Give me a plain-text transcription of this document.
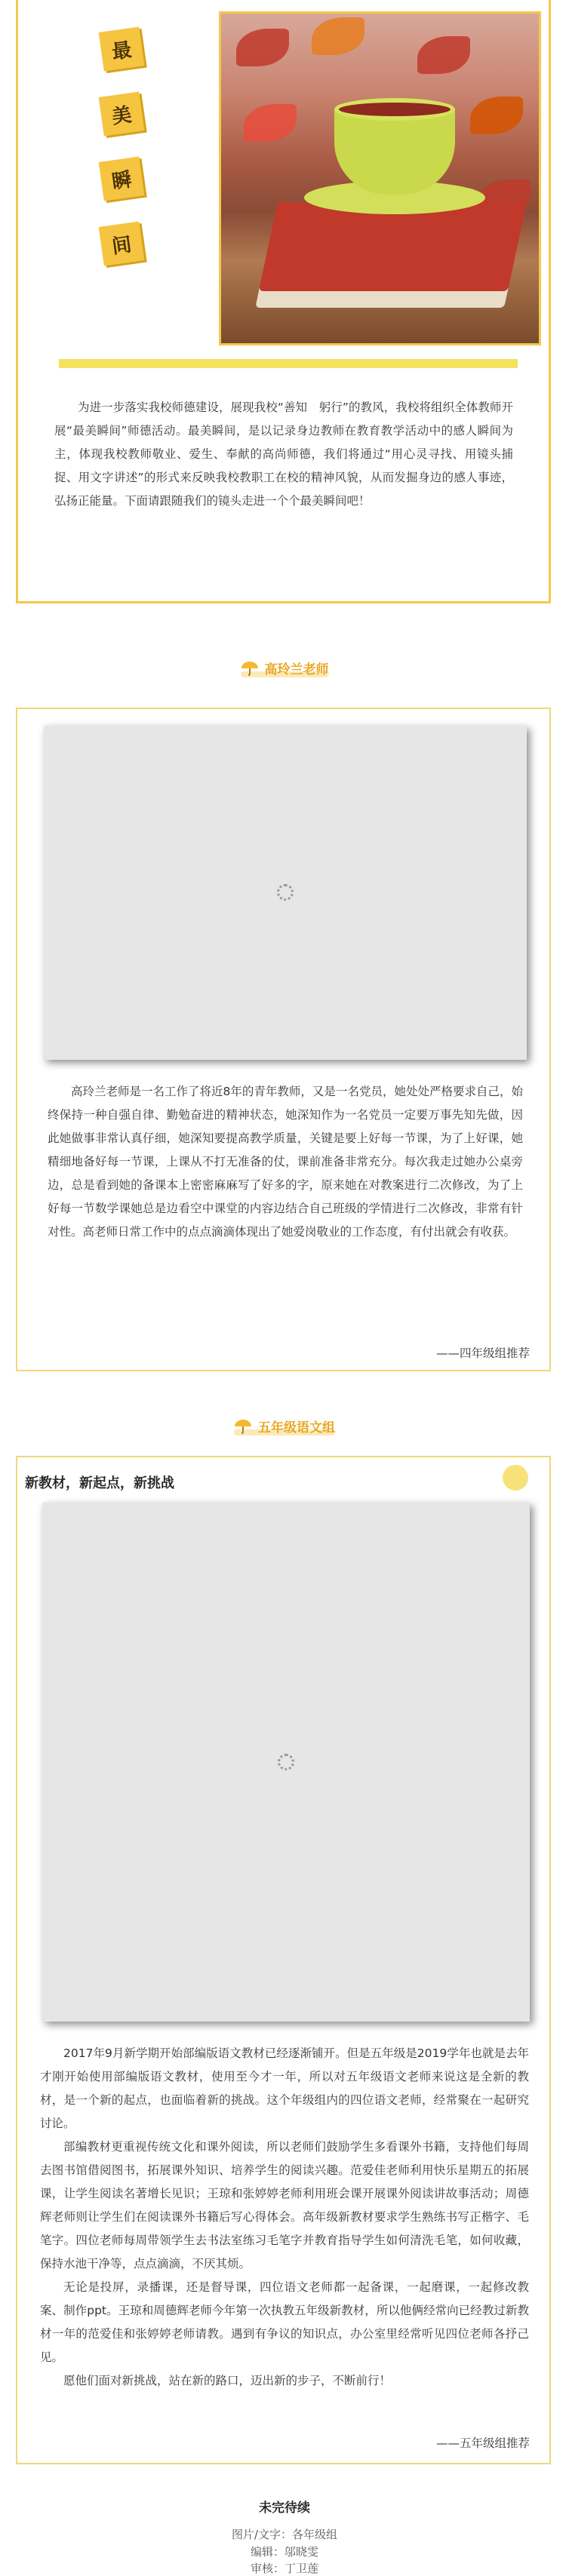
最
美
瞬
间
为进一步落实我校师德建设，展现我校“善知　躬行”的教风，我校将组织全体教师开展“最美瞬间”师德活动。最美瞬间，是以记录身边教师在教育教学活动中的感人瞬间为主，体现我校教师敬业、爱生、奉献的高尚师德，我们将通过“用心灵寻找、用镜头捕捉、用文字讲述”的形式来反映我校教职工在校的精神风貌，从而发掘身边的感人事迹，弘扬正能量。下面请跟随我们的镜头走进一个个最美瞬间吧！
高玲兰老师
高玲兰老师是一名工作了将近8年的青年教师，又是一名党员，她处处严格要求自己，始终保持一种自强自律、勤勉奋进的精神状态，她深知作为一名党员一定要万事先知先做，因此她做事非常认真仔细，她深知要提高教学质量，关键是要上好每一节课，为了上好课，她精细地备好每一节课，上课从不打无准备的仗，课前准备非常充分。每次我走过她办公桌旁边，总是看到她的备课本上密密麻麻写了好多的字，原来她在对教案进行二次修改，为了上好每一节数学课她总是边看空中课堂的内容边结合自己班级的学情进行二次修改，非常有针对性。高老师日常工作中的点点滴滴体现出了她爱岗敬业的工作态度，有付出就会有收获。
——四年级组推荐
五年级语文组
新教材，新起点，新挑战
2017年9月新学期开始部编版语文教材已经逐渐铺开。但是五年级是2019学年也就是去年才刚开始使用部编版语文教材，使用至今才一年，所以对五年级语文老师来说这是全新的教材，是一个新的起点，也面临着新的挑战。这个年级组内的四位语文老师，经常聚在一起研究讨论。
部编教材更重视传统文化和课外阅读，所以老师们鼓励学生多看课外书籍，支持他们每周去图书馆借阅图书，拓展课外知识、培养学生的阅读兴趣。范爱佳老师利用快乐星期五的拓展课，让学生阅读名著增长见识；王琼和张婷婷老师利用班会课开展课外阅读讲故事活动；周德辉老师则让学生们在阅读课外书籍后写心得体会。高年级新教材要求学生熟练书写正楷字、毛笔字。四位老师每周带领学生去书法室练习毛笔字并教育指导学生如何清洗毛笔，如何收藏，保持水池干净等，点点滴滴，不厌其烦。
无论是投屏，录播课，还是督导课，四位语文老师都一起备课，一起磨课，一起修改教案、制作ppt。王琼和周德辉老师今年第一次执教五年级新教材，所以他俩经常向已经教过新教材一年的范爱佳和张婷婷老师请教。遇到有争议的知识点，办公室里经常听见四位老师各抒己见。
愿他们面对新挑战，站在新的路口，迈出新的步子，不断前行！
——五年级组推荐
未完待续
图片/文字：各年级组
编辑：邬晓雯
审核：丁卫莲
